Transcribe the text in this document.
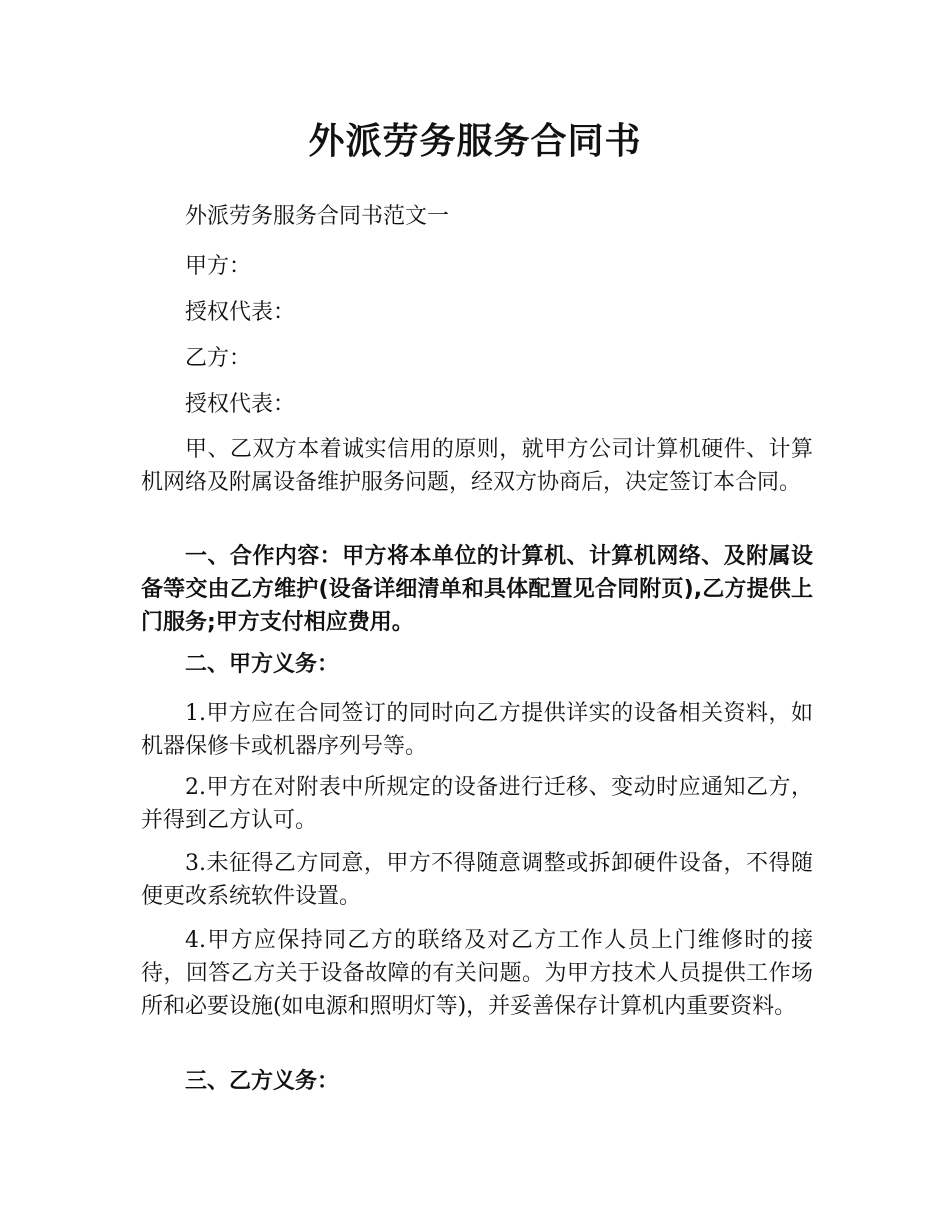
外派劳务服务合同书

外派劳务服务合同书范文一

甲方：

授权代表：

乙方：

授权代表：

甲、乙双方本着诚实信用的原则，就甲方公司计算机硬件、计算机网络及附属设备维护服务问题，经双方协商后，决定签订本合同。

一、合作内容：甲方将本单位的计算机、计算机网络、及附属设备等交由乙方维护(设备详细清单和具体配置见合同附页),乙方提供上门服务;甲方支付相应费用。

二、甲方义务：

1.甲方应在合同签订的同时向乙方提供详实的设备相关资料，如机器保修卡或机器序列号等。

2.甲方在对附表中所规定的设备进行迁移、变动时应通知乙方，并得到乙方认可。

3.未征得乙方同意，甲方不得随意调整或拆卸硬件设备，不得随便更改系统软件设置。

4.甲方应保持同乙方的联络及对乙方工作人员上门维修时的接待，回答乙方关于设备故障的有关问题。为甲方技术人员提供工作场所和必要设施(如电源和照明灯等)，并妥善保存计算机内重要资料。

三、乙方义务：
